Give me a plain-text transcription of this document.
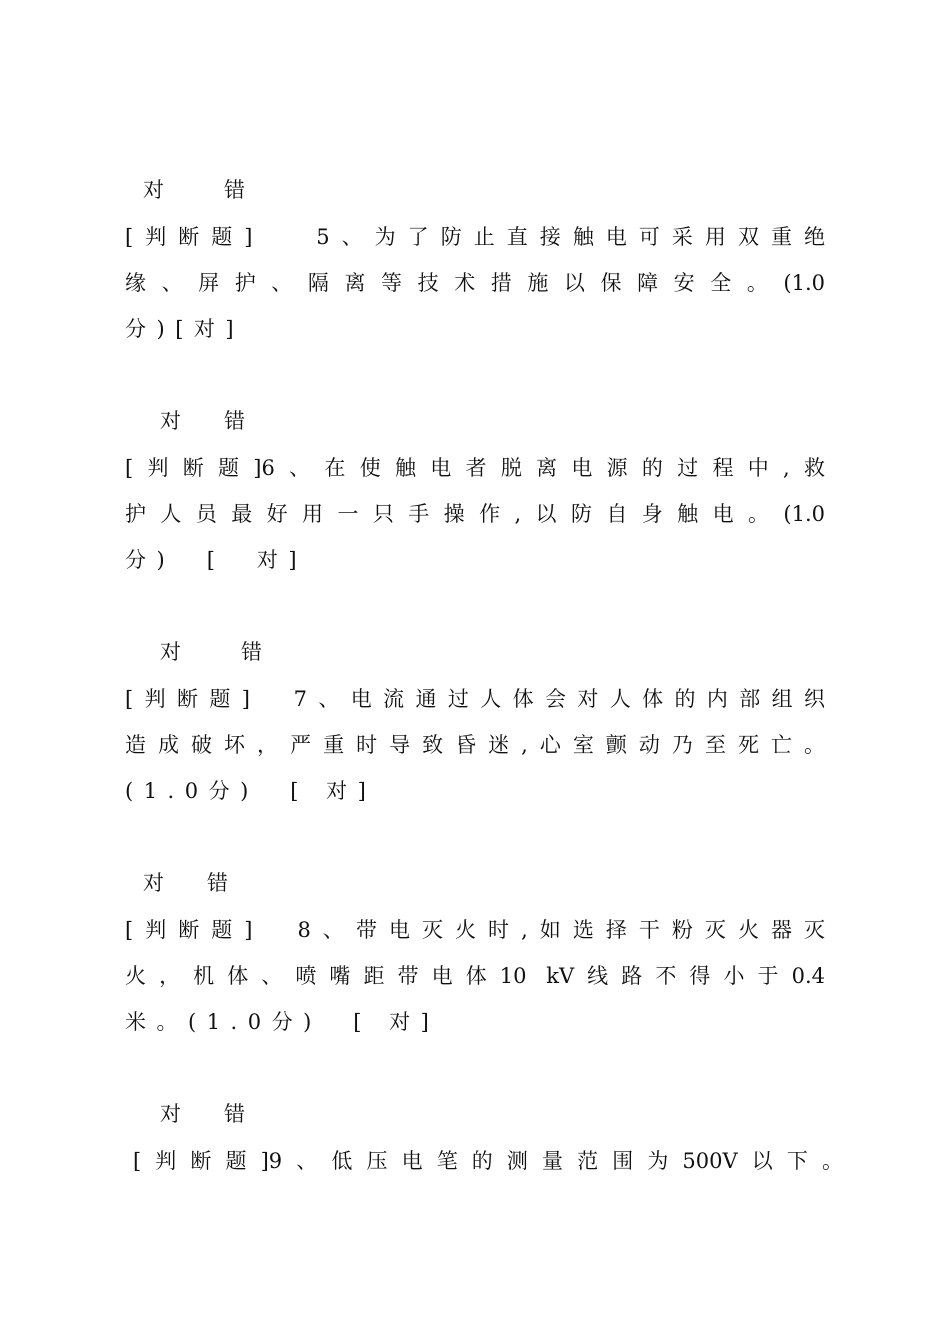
对	错
[判断题]　 5、为了防止直接触电可采用双重绝
缘、屏护、隔离等技术措施以保障安全。(1.0
分)[对]
对 错
[判断题]6、在使触电者脱离电源的过程中,救
护人员最好用一只手操作,以防自身触电。(1.0
分)　[　对]
对	错
[判断题]　7、电流通过人体会对人体的内部组织
造成破坏，严重时导致昏迷,心室颤动乃至死亡。
(1.0分)　[ 对]
对 错
[判断题]　8、带电灭火时,如选择干粉灭火器灭
火，机体、喷嘴距带电体10 kV线路不得小于0.4
米。(1.0分)　[ 对]
对 错
[判断题]9、低压电笔的测量范围为500V以下。
